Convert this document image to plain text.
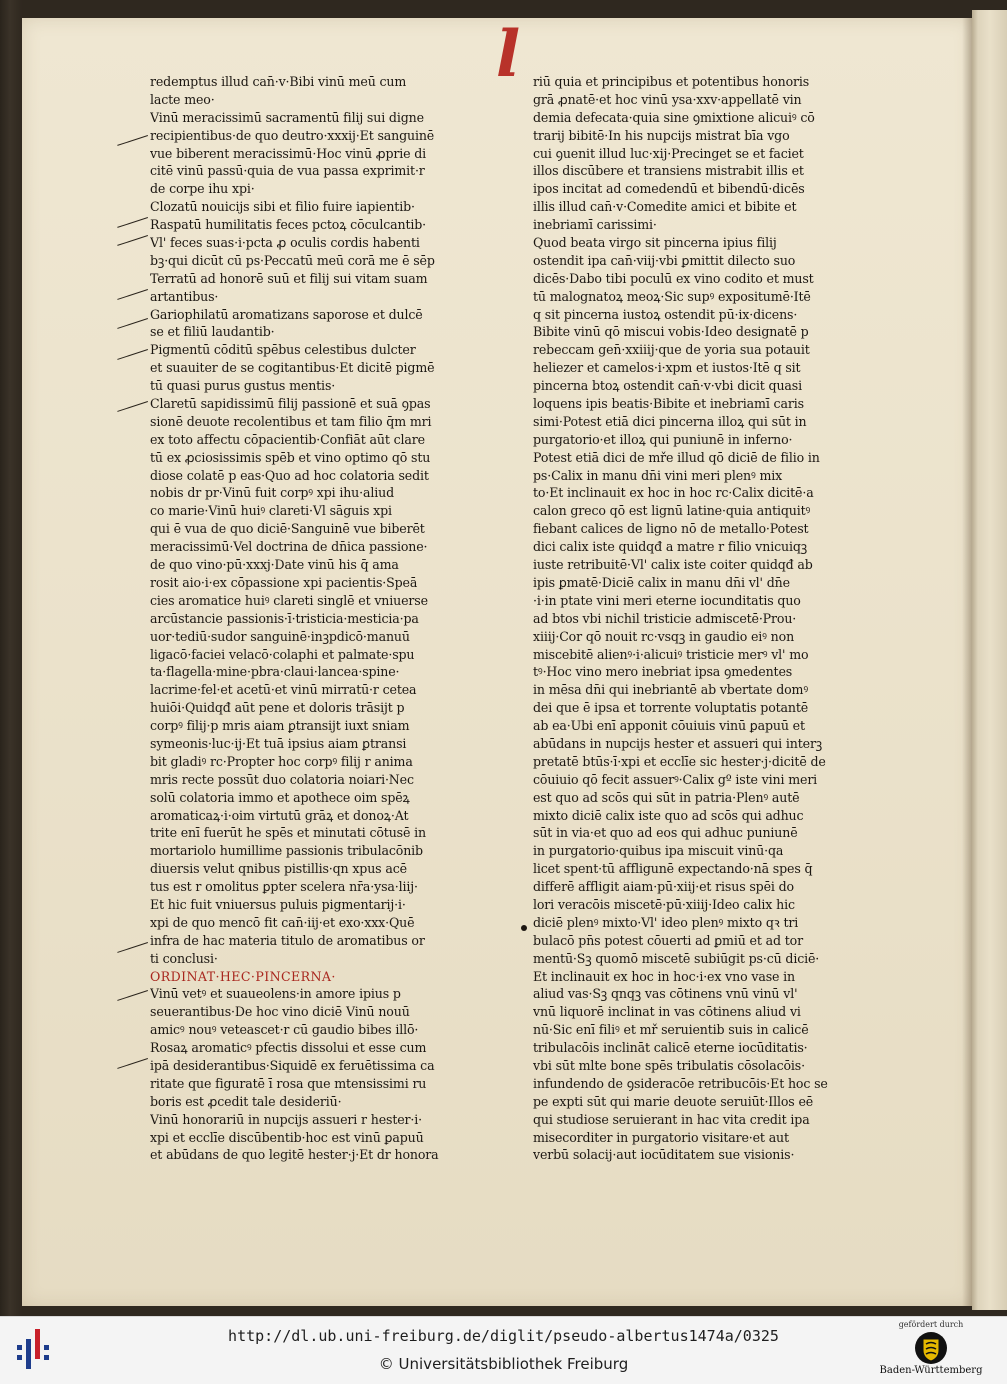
l
redemptus illud can̄·v·Bibi vinū meū cum
lacte meo·
Vinū meracissimū sacramentū filij sui digne
recipientibus·de quo deutro·xxxij·Et sanguinē
vue biberent meracissimū·Hoc vinū ꝓprie di
citē vinū passū·quia de vua passa exprimit·r
de corpe ihu xpi·
Clozatū nouicijs sibi et filio fuire iapientib·
Raspatū humilitatis feces pctoꝝ cōculcantib·
Vl' feces suas·i·pcta ꝓ oculis cordis habenti
bꝫ·qui dicūt cū ps·Peccatū meū corā me ē sēp
Terratū ad honorē suū et filij sui vitam suam
artantibus·
Gariophilatū aromatizans saporose et dulcē
se et filiū laudantib·
Pigmentū cōditū spēbus celestibus dulcter
et suauiter de se cogitantibus·Et dicitē pigmē
tū quasi purus gustus mentis·
Claretū sapidissimū filij passionē et suā ꝯpas
sionē deuote recolentibus et tam filio q̄m mri
ex toto affectu cōpacientib·Confiāt aūt clare
tū ex ꝓciosissimis spēb et vino optimo qō stu
diose colatē p eas·Quo ad hoc colatoria sedit
nobis dr pr·Vinū fuit corpꝰ xpi ihu·aliud
co marie·Vinū huiꝰ clareti·Vl sāguis xpi
qui ē vua de quo diciē·Sanguinē vue biberēt
meracissimū·Vel doctrina de dn̄ica passione·
de quo vino·pū·xxxj·Date vinū his q̄ ama
rosit aio·i·ex cōpassione xpi pacientis·Speā
cies aromatice huiꝰ clareti singlē et vniuerse
arcūstancie passionis·ī·tristicia·mesticia·pa
uor·tediū·sudor sanguinē·inꝫpdicō·manuū
ligacō·faciei velacō·colaphi et palmate·spu
ta·flagella·mine·pbra·claui·lancea·spine·
lacrime·fel·et acetū·et vinū mirratū·r cetea
huiōi·Quidqđ aūt pene et doloris trāsijt p
corpꝰ filij·p mris aiam ꝑtransijt iuxt sniam
symeonis·luc·ij·Et tuā ipsius aiam ꝑtransi
bit gladiꝰ rc·Propter hoc corpꝰ filij r anima
mris recte possūt duo colatoria noiari·Nec
solū colatoria immo et apothece oim spēꝝ
aromaticaꝝ·i·oim virtutū grāꝝ et donoꝝ·At
trite enī fuerūt he spēs et minutati cōtusē in
mortariolo humillime passionis tribulacōnib
diuersis velut qnibus pistillis·qn xpus acē
tus est r omolitus ꝑpter scelera nr̄a·ysa·liij·
Et hic fuit vniuersus puluis pigmentarij·i·
xpi de quo mencō fit can̄·iij·et exo·xxx·Quē
infra de hac materia titulo de aromatibus or
ti conclusi·
ORDINAT·HEC·PINCERNA·
Vinū vetꝰ et suaueolens·in amore ipius p
seuerantibus·De hoc vino diciē Vinū nouū
amicꝰ nouꝰ veteascet·r cū gaudio bibes illō·
Rosaꝝ aromaticꝰ pfectis dissolui et esse cum
ipā desiderantibus·Siquidē ex feruētissima ca
ritate que figuratē ī rosa que mtensissimi ru
boris est ꝓcedit tale desideriū·
Vinū honorariū in nupcijs assueri r hester·i·
xpi et ecclīe discūbentib·hoc est vinū ꝑapuū
et abūdans de quo legitē hester·j·Et dr honora
riū quia et principibus et potentibus honoris
grā ꝓnatē·et hoc vinū ysa·xxv·appellatē vin
demia defecata·quia sine ꝯmixtione alicuiꝰ cō
trarij bibitē·In his nupcijs mistrat bīa vgo
cui ꝯuenit illud luc·xij·Precinget se et faciet
illos discūbere et transiens mistrabit illis et
ipos incitat ad comedendū et bibendū·dicēs
illis illud can̄·v·Comedite amici et bibite et
inebriamī carissimi·
Quod beata virgo sit pincerna ipius filij
ostendit ipa can̄·viij·vbi ꝑmittit dilecto suo
dicēs·Dabo tibi poculū ex vino codito et must
tū malognatoꝝ meoꝝ·Sic supꝰ expositumē·Itē
q sit pincerna iustoꝝ ostendit pū·ix·dicens·
Bibite vinū qō miscui vobis·Ideo designatē p
rebeccam gen̄·xxiiij·que de yoria sua potauit
heliezer et camelos·i·xpm et iustos·Itē q sit
pincerna btoꝝ ostendit can̄·v·vbi dicit quasi
loquens ipis beatis·Bibite et inebriamī caris
simi·Potest etiā dici pincerna illoꝝ qui sūt in
purgatorio·et illoꝝ qui puniunē in inferno·
Potest etiā dici de mře illud qō diciē de filio in
ps·Calix in manu dn̄i vini meri plenꝰ mix
to·Et inclinauit ex hoc in hoc rc·Calix dicitē·a
calon greco qō est lignū latine·quia antiquitꝰ
fiebant calices de ligno nō de metallo·Potest
dici calix iste quidqđ a matre r filio vnicuiqꝫ
iuste retribuitē·Vl' calix iste coiter quidqđ ab
ipis ꝑmatē·Diciē calix in manu dn̄i vl' dn̄e
·i·in ptate vini meri eterne iocunditatis quo
ad btos vbi nichil tristicie admiscetē·Prou·
xiiij·Cor qō nouit rc·vsqꝫ in gaudio eiꝰ non
miscebitē alienꝰ·i·alicuiꝰ tristicie merꝰ vl' mo
tꝰ·Hoc vino mero inebriat ipsa ꝯmedentes
in mēsa dn̄i qui inebriantē ab vbertate domꝰ
dei que ē ipsa et torrente voluptatis potantē
ab ea·Ubi enī apponit cōuiuis vinū ꝑapuū et
abūdans in nupcijs hester et assueri qui interꝫ
pretatē btūs·ī·xpi et ecclīe sic hester·j·dicitē de
cōuiuio qō fecit assuerꝰ·Calix gº iste vini meri
est quo ad scōs qui sūt in patria·Plenꝰ autē
mixto diciē calix iste quo ad scōs qui adhuc
sūt in via·et quo ad eos qui adhuc puniunē
in purgatorio·quibus ipa miscuit vinū·qa
licet spent·tū affligunē expectando·nā spes q̄
differē affligit aiam·pū·xiij·et risus spēi do
lori veracōis miscetē·pū·xiiij·Ideo calix hic
diciē plenꝰ mixto·Vl' ideo plenꝰ mixto qꝛ tri
bulacō pn̄s potest cōuerti ad ꝑmiū et ad tor
mentū·Sꝫ quomō miscetē subiūgit ps·cū diciē·
Et inclinauit ex hoc in hoc·i·ex vno vase in
aliud vas·Sꝫ qnqꝫ vas cōtinens vnū vinū vl'
vnū liquorē inclinat in vas cōtinens aliud vi
nū·Sic enī filiꝰ et mř seruientib suis in calicē
tribulacōis inclināt calicē eterne iocūditatis·
vbi sūt mlte bone spēs tribulatis cōsolacōis·
infundendo de ꝯsideracōe retribucōis·Et hoc se
pe expti sūt qui marie deuote seruiūt·Illos eē
qui studiose seruierant in hac vita credit ipa
misecorditer in purgatorio visitare·et aut
verbū solacij·aut iocūditatem sue visionis·
http://dl.ub.uni-freiburg.de/diglit/pseudo-albertus1474a/0325
© Universitätsbibliothek Freiburg
gefördert durch
Baden-Württemberg
